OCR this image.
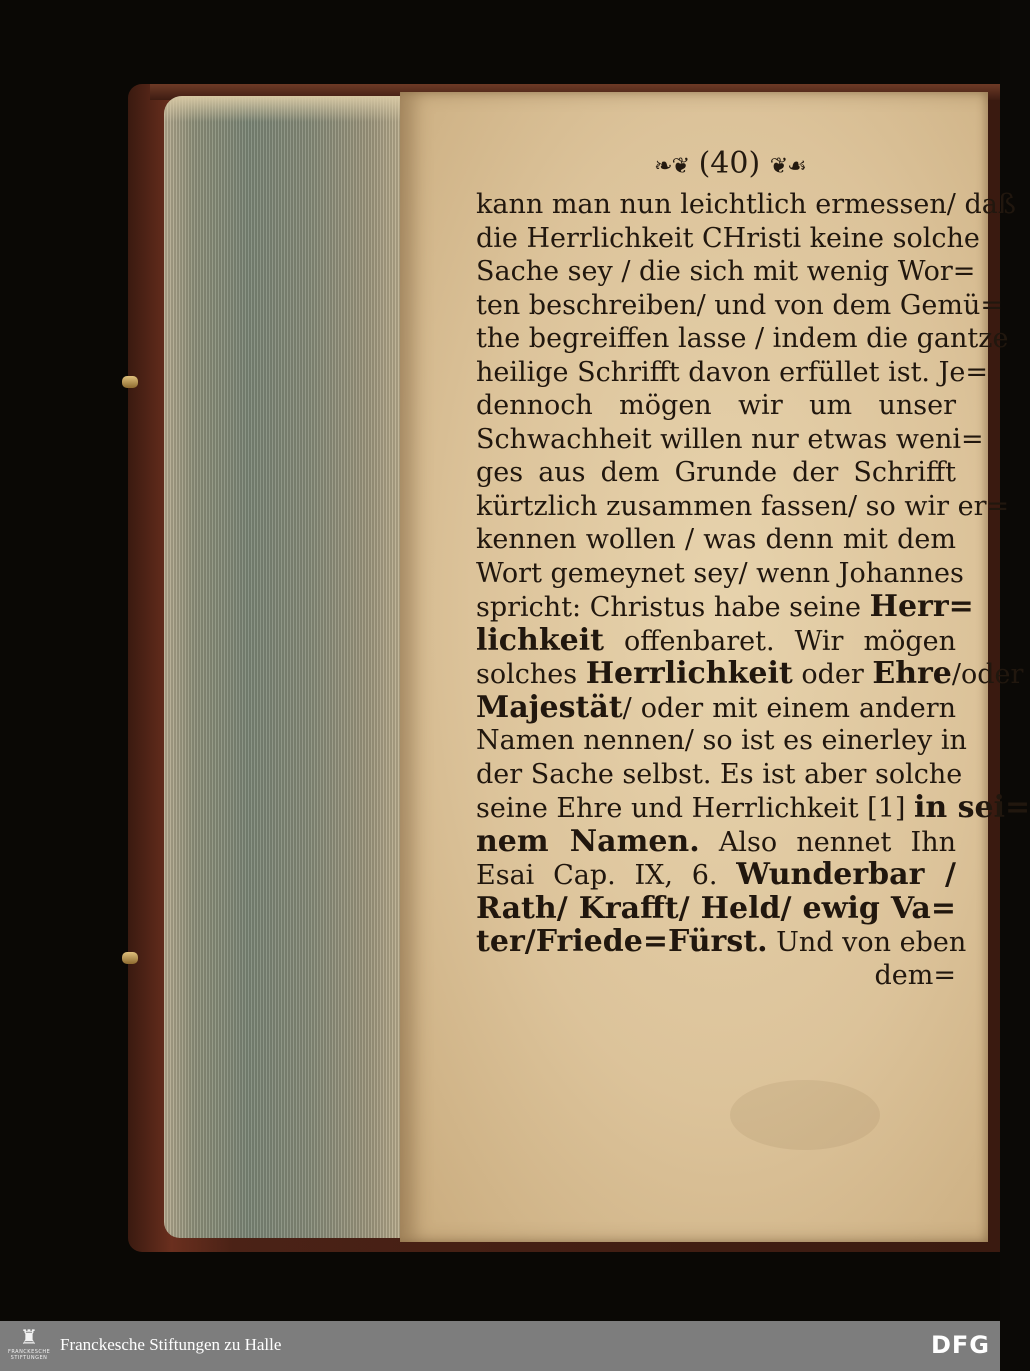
❧❦ (40) ❦☙
kann man nun leichtlich ermessen/ daß
die Herrlichkeit CHristi keine solche
Sache sey / die sich mit wenig Wor=
ten beschreiben/ und von dem Gemü=
the begreiffen lasse / indem die gantze
heilige Schrifft davon erfüllet ist. Je=
dennoch mögen wir um unser
Schwachheit willen nur etwas weni=
ges aus dem Grunde der Schrifft
kürtzlich zusammen fassen/ so wir er=
kennen wollen / was denn mit dem
Wort gemeynet sey/ wenn Johannes
spricht: Christus habe seine Herr=
lichkeit offenbaret. Wir mögen
solches Herrlichkeit oder Ehre/oder
Majestät/ oder mit einem andern
Namen nennen/ so ist es einerley in
der Sache selbst. Es ist aber solche
seine Ehre und Herrlichkeit [1] in sei=
nem Namen. Also nennet Ihn
Esai Cap. IX, 6. Wunderbar /
Rath/ Krafft/ Held/ ewig Va=
ter/Friede=Fürst. Und von eben
dem=
♜
FRANCKESCHE STIFTUNGEN
Franckesche Stiftungen zu Halle	DFG
